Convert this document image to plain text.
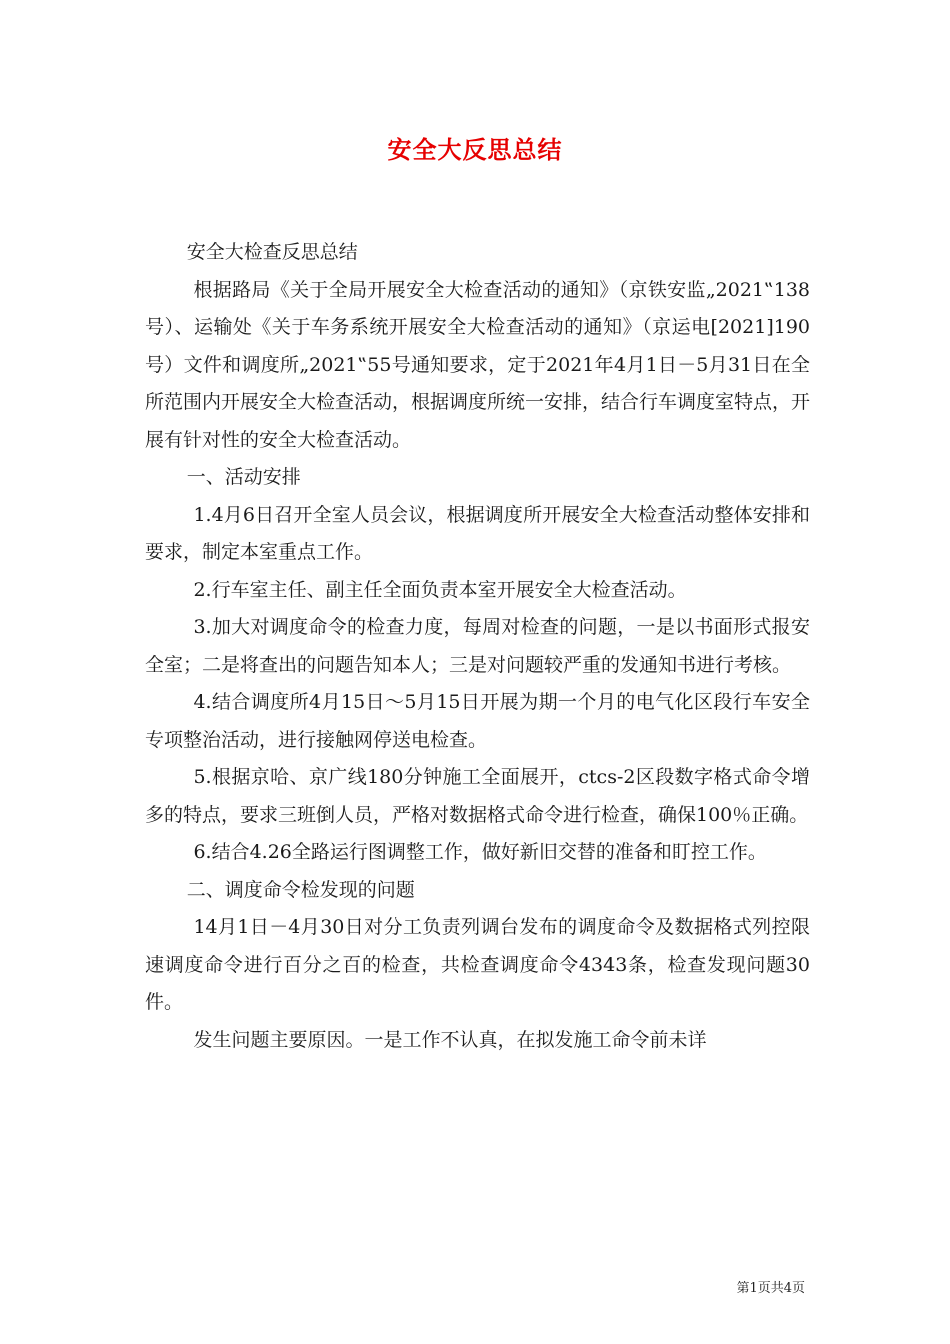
安全大反思总结

安全大检查反思总结

根据路局《关于全局开展安全大检查活动的通知》（京铁安监„2021‟138号）、运输处《关于车务系统开展安全大检查活动的通知》（京运电[2021]190号）文件和调度所„2021‟55号通知要求，定于2021年4月1日－5月31日在全所范围内开展安全大检查活动，根据调度所统一安排，结合行车调度室特点，开展有针对性的安全大检查活动。

一、活动安排

1.4月6日召开全室人员会议，根据调度所开展安全大检查活动整体安排和要求，制定本室重点工作。

2.行车室主任、副主任全面负责本室开展安全大检查活动。

3.加大对调度命令的检查力度，每周对检查的问题，一是以书面形式报安全室；二是将查出的问题告知本人；三是对问题较严重的发通知书进行考核。

4.结合调度所4月15日～5月15日开展为期一个月的电气化区段行车安全专项整治活动，进行接触网停送电检查。

5.根据京哈、京广线180分钟施工全面展开，ctcs-2区段数字格式命令增多的特点，要求三班倒人员，严格对数据格式命令进行检查，确保100％正确。

6.结合4.26全路运行图调整工作，做好新旧交替的准备和盯控工作。

二、调度命令检发现的问题

14月1日－4月30日对分工负责列调台发布的调度命令及数据格式列控限速调度命令进行百分之百的检查，共检查调度命令4343条，检查发现问题30件。

发生问题主要原因。一是工作不认真，在拟发施工命令前未详

第1页共4页
